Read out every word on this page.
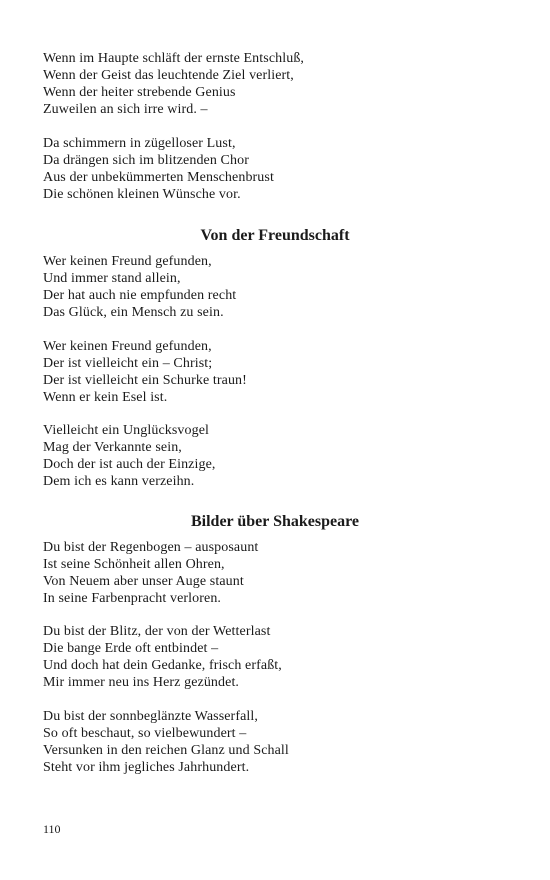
Wenn im Haupte schläft der ernste Entschluß,
Wenn der Geist das leuchtende Ziel verliert,
Wenn der heiter strebende Genius
Zuweilen an sich irre wird. –
Da schimmern in zügelloser Lust,
Da drängen sich im blitzenden Chor
Aus der unbekümmerten Menschenbrust
Die schönen kleinen Wünsche vor.
Von der Freundschaft
Wer keinen Freund gefunden,
Und immer stand allein,
Der hat auch nie empfunden recht
Das Glück, ein Mensch zu sein.
Wer keinen Freund gefunden,
Der ist vielleicht ein – Christ;
Der ist vielleicht ein Schurke traun!
Wenn er kein Esel ist.
Vielleicht ein Unglücksvogel
Mag der Verkannte sein,
Doch der ist auch der Einzige,
Dem ich es kann verzeihn.
Bilder über Shakespeare
Du bist der Regenbogen – ausposaunt
Ist seine Schönheit allen Ohren,
Von Neuem aber unser Auge staunt
In seine Farbenpracht verloren.
Du bist der Blitz, der von der Wetterlast
Die bange Erde oft entbindet –
Und doch hat dein Gedanke, frisch erfaßt,
Mir immer neu ins Herz gezündet.
Du bist der sonnbeglänzte Wasserfall,
So oft beschaut, so vielbewundert –
Versunken in den reichen Glanz und Schall
Steht vor ihm jegliches Jahrhundert.
110
